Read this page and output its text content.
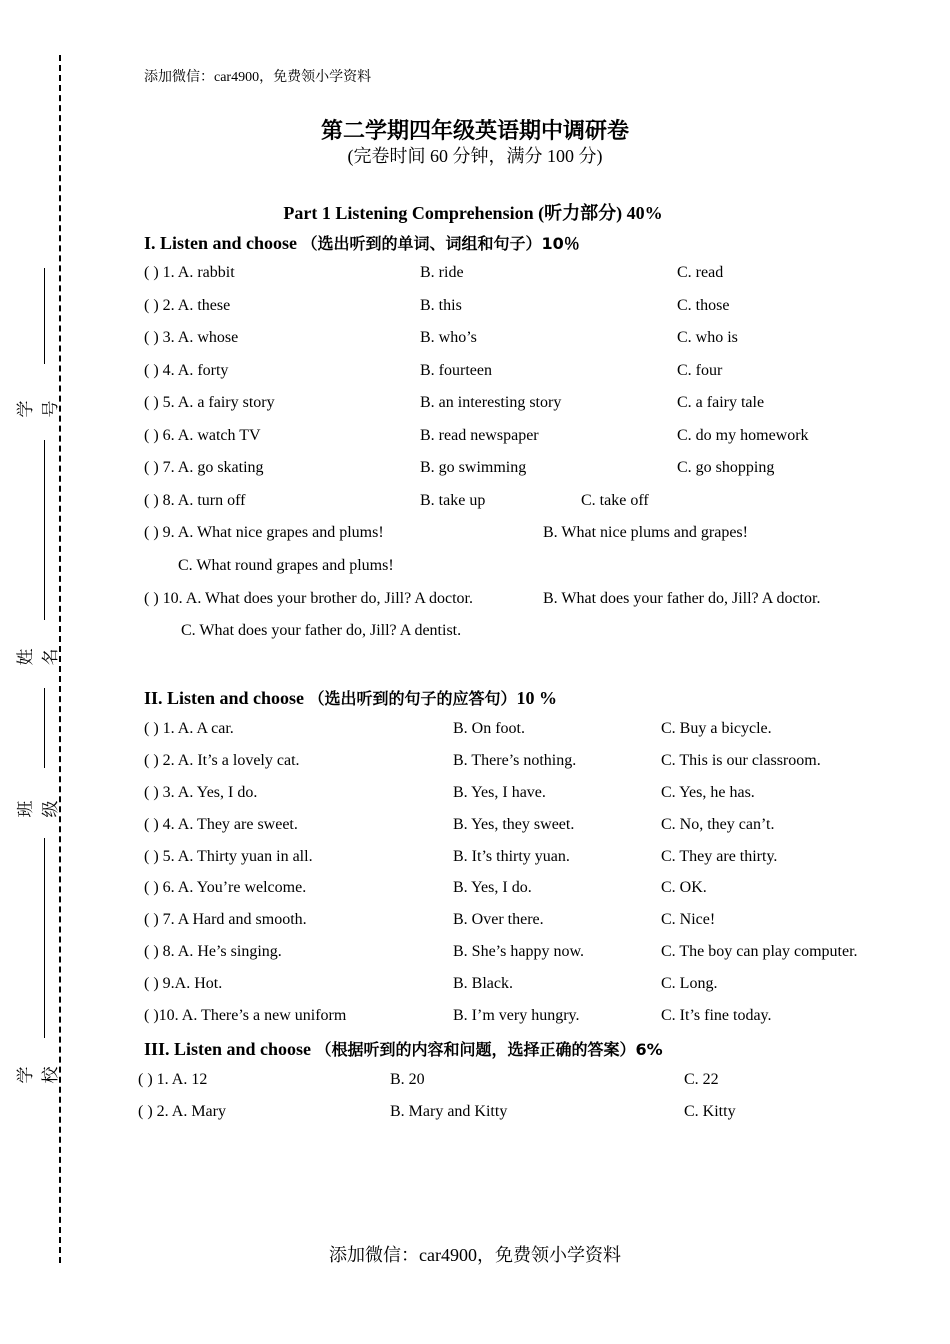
学号
姓名
班级
学校
添加微信：car4900，免费领小学资料
第二学期四年级英语期中调研卷
(完卷时间 60 分钟，满分 100 分)
Part 1 Listening Comprehension (听力部分) 40%
I. Listen and choose （选出听到的单词、词组和句子）10％
( ) 1. A. rabbit	B. ride	C. read
( ) 2. A. these	B. this	C. those
( ) 3. A. whose	B. who’s	C. who is
( ) 4. A. forty	B. fourteen	C. four
( ) 5. A. a fairy story	B. an interesting story	C. a fairy tale
( ) 6. A. watch TV	B. read newspaper	C. do my homework
( ) 7. A. go skating	B. go swimming	C. go shopping
( ) 8. A. turn off	B. take up	C. take off
( ) 9. A. What nice grapes and plums!	B. What nice plums and grapes!
C. What round grapes and plums!
( ) 10. A. What does your brother do, Jill? A doctor.	B. What does your father do, Jill? A doctor.
C. What does your father do, Jill? A dentist.
II. Listen and choose （选出听到的句子的应答句）10 %
( ) 1. A. A car.	B. On foot.	C. Buy a bicycle.
( ) 2. A. It’s a lovely cat.	B. There’s nothing.	C. This is our classroom.
( ) 3. A. Yes, I do.	B. Yes, I have.	C. Yes, he has.
( ) 4. A. They are sweet.	B. Yes, they sweet.	C. No, they can’t.
( ) 5. A. Thirty yuan in all.	B. It’s thirty yuan.	C. They are thirty.
( ) 6. A. You’re welcome.	B. Yes, I do.	C. OK.
( ) 7. A Hard and smooth.	B. Over there.	C. Nice!
( ) 8. A. He’s singing.	B. She’s happy now.	C. The boy can play computer.
( ) 9.A. Hot.	B. Black.	C. Long.
( )10. A. There’s a new uniform	B. I’m very hungry.	C. It’s fine today.
III. Listen and choose （根据听到的内容和问题，选择正确的答案）6%
( ) 1. A. 12	B. 20	C. 22
( ) 2. A. Mary	B. Mary and Kitty	C. Kitty
添加微信：car4900，免费领小学资料
